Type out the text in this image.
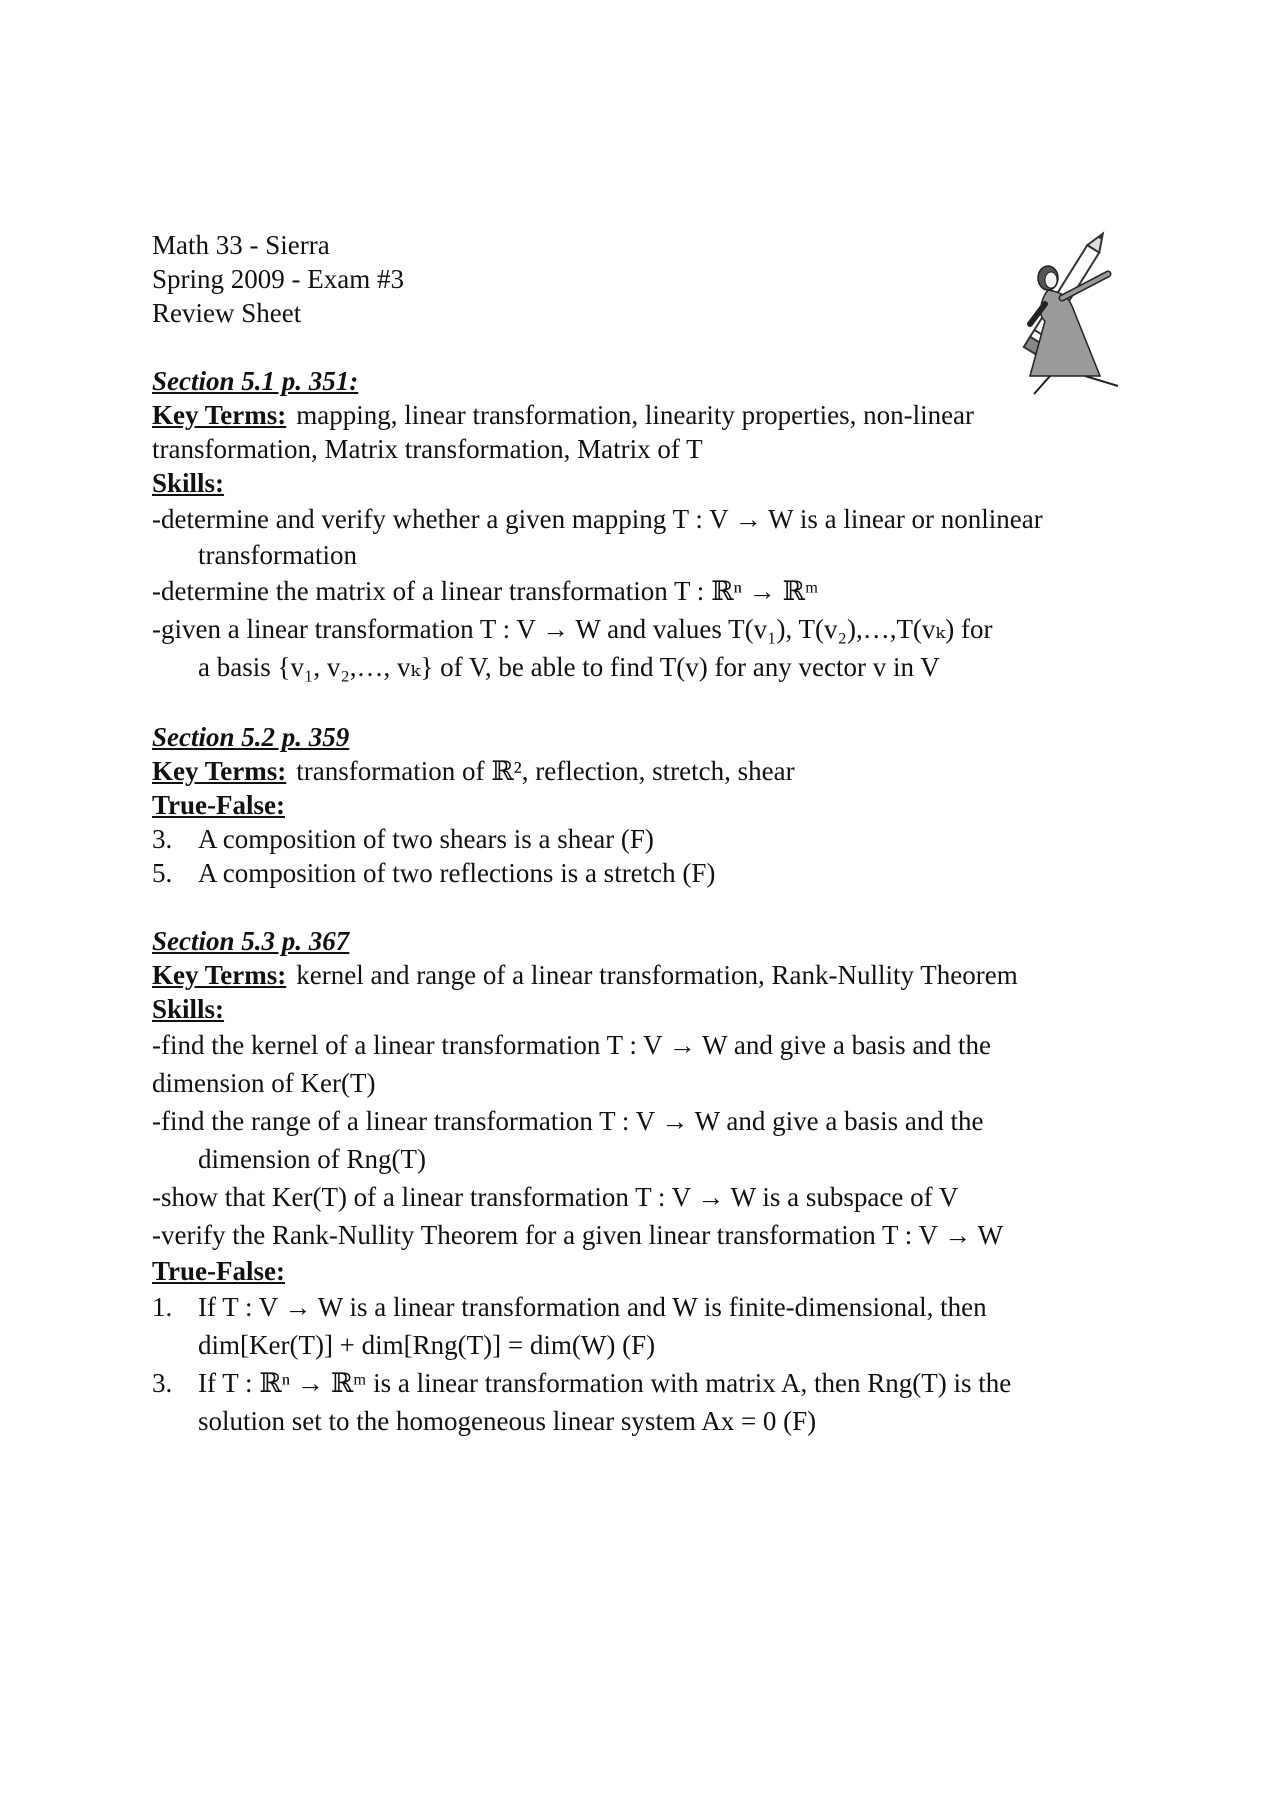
Math 33 - Sierra
Spring 2009 - Exam #3
Review Sheet
Section 5.1 p. 351:
Key Terms: mapping, linear transformation, linearity properties, non-linear
transformation, Matrix transformation, Matrix of T
Skills:
-determine and verify whether a given mapping T : V → W is a linear or nonlinear
transformation
-determine the matrix of a linear transformation T : ℝⁿ → ℝᵐ
-given a linear transformation T : V → W and values T(v₁), T(v₂),…,T(vₖ) for
a basis {v₁, v₂,…, vₖ} of V, be able to find T(v) for any vector v in V
Section 5.2 p. 359
Key Terms: transformation of ℝ², reflection, stretch, shear
True-False:
3. A composition of two shears is a shear (F)
5. A composition of two reflections is a stretch (F)
Section 5.3 p. 367
Key Terms: kernel and range of a linear transformation, Rank-Nullity Theorem
Skills:
-find the kernel of a linear transformation T : V → W and give a basis and the
dimension of Ker(T)
-find the range of a linear transformation T : V → W and give a basis and the
dimension of Rng(T)
-show that Ker(T) of a linear transformation T : V → W is a subspace of V
-verify the Rank-Nullity Theorem for a given linear transformation T : V → W
True-False:
1. If T : V → W is a linear transformation and W is finite-dimensional, then
dim[Ker(T)] + dim[Rng(T)] = dim(W) (F)
3. If T : ℝⁿ → ℝᵐ is a linear transformation with matrix A, then Rng(T) is the
solution set to the homogeneous linear system Ax = 0 (F)
